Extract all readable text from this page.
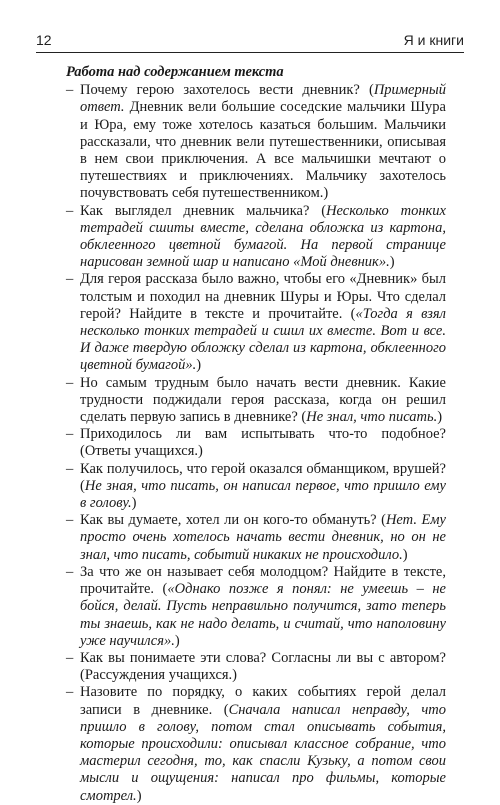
12	Я и книги

Работа над содержанием текста

– Почему герою захотелось вести дневник? (Примерный ответ. Дневник вели большие соседские мальчики Шура и Юра, ему тоже хотелось казаться большим. Мальчики рассказали, что дневник вели путешественники, описывая в нем свои приключения. А все мальчишки мечтают о путешествиях и приключениях. Мальчику захотелось почувствовать себя путешественником.)

– Как выглядел дневник мальчика? (Несколько тонких тетрадей сшиты вместе, сделана обложка из картона, обклеенного цветной бумагой. На первой странице нарисован земной шар и написано «Мой дневник».)

– Для героя рассказа было важно, чтобы его «Дневник» был толстым и походил на дневник Шуры и Юры. Что сделал герой? Найдите в тексте и прочитайте. («Тогда я взял несколько тонких тетрадей и сшил их вместе. Вот и все. И даже твердую обложку сделал из картона, обклеенного цветной бумагой».)

– Но самым трудным было начать вести дневник. Какие трудности поджидали героя рассказа, когда он решил сделать первую запись в дневнике? (Не знал, что писать.)

– Приходилось ли вам испытывать что-то подобное? (Ответы учащихся.)

– Как получилось, что герой оказался обманщиком, врушей? (Не зная, что писать, он написал первое, что пришло ему в голову.)

– Как вы думаете, хотел ли он кого-то обмануть? (Нет. Ему просто очень хотелось начать вести дневник, но он не знал, что писать, событий никаких не происходило.)

– За что же он называет себя молодцом? Найдите в тексте, прочитайте. («Однако позже я понял: не умеешь – не бойся, делай. Пусть неправильно получится, зато теперь ты знаешь, как не надо делать, и считай, что наполовину уже научился».)

– Как вы понимаете эти слова? Согласны ли вы с автором? (Рассуждения учащихся.)

– Назовите по порядку, о каких событиях герой делал записи в дневнике. (Сначала написал неправду, что пришло в голову, потом стал описывать события, которые происходили: описывал классное собрание, что мастерил сегодня, то, как спасли Кузьку, а потом свои мысли и ощущения: написал про фильмы, которые смотрел.)
